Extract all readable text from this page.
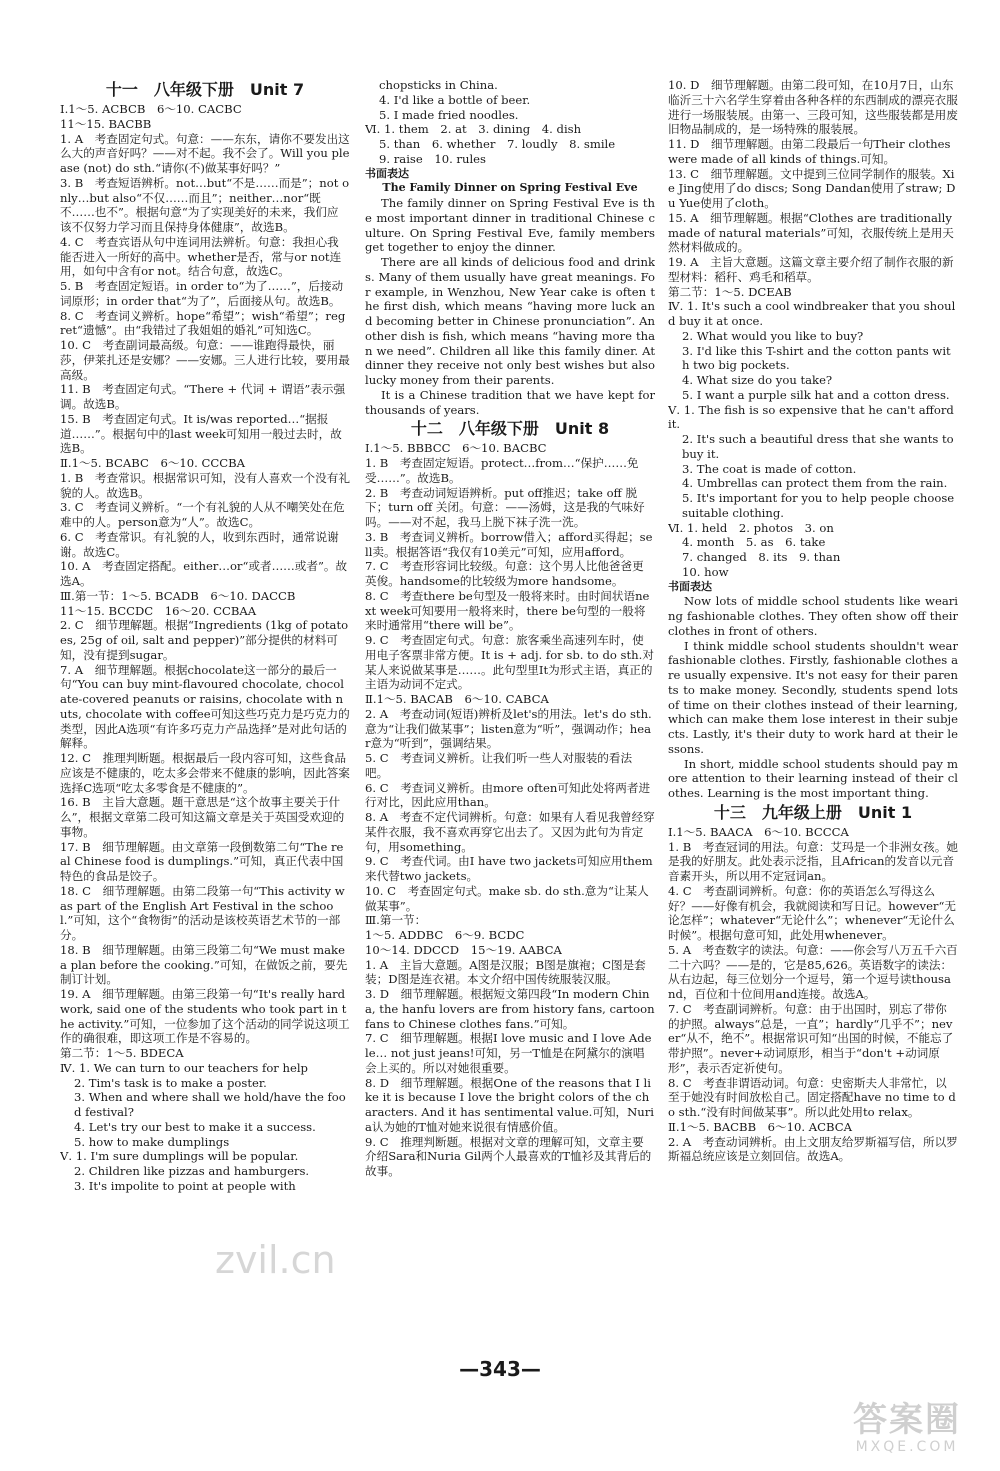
十一　八年级下册　Unit 7

Ⅰ.1～5. ACBCB　6～10. CACBC

11～15. BACBB

1. A　考查固定句式。句意：——东东，请你不要发出这么大的声音好吗？——对不起。我不会了。Will you please (not) do sth.“请你(不)做某事好吗？”

3. B　考查短语辨析。not…but“不是……而是”；not only…but also“不仅……而且”；neither…nor“既不……也不”。根据句意“为了实现美好的未来，我们应该不仅努力学习而且保持身体健康”，故选B。

4. C　考查宾语从句中连词用法辨析。句意：我担心我能否进入一所好的高中。whether是否，常与or not连用，如句中含有or not。结合句意，故选C。

5. B　考查固定短语。in order to“为了……”，后接动词原形；in order that“为了”，后面接从句。故选B。

8. C　考查词义辨析。hope“希望”；wish“希望”；regret“遗憾”。由“我错过了我姐姐的婚礼”可知选C。

10. C　考查副词最高级。句意：——谁跑得最快，丽莎，伊莱扎还是安娜？——安娜。三人进行比较，要用最高级。

11. B　考查固定句式。“There + 代词 + 谓语”表示强调。故选B。

15. B　考查固定句式。It is/was reported…“据报道……”。根据句中的last week可知用一般过去时，故选B。

Ⅱ.1～5. BCABC　6～10. CCCBA

1. B　考查常识。根据常识可知，没有人喜欢一个没有礼貌的人。故选B。

3. C　考查词义辨析。“一个有礼貌的人从不嘲笑处在危难中的人。person意为“人”。故选C。

6. C　考查常识。有礼貌的人，收到东西时，通常说谢谢。故选C。

10. A　考查固定搭配。either…or“或者……或者”。故选A。

Ⅲ.第一节：1～5. BCADB　6～10. DACCB

11～15. BCCDC　16～20. CCBAA

2. C　细节理解题。根据“Ingredients (1kg of potatoes, 25g of oil, salt and pepper)”部分提供的材料可知，没有提到sugar。

7. A　细节理解题。根据chocolate这一部分的最后一句“You can buy mint-flavoured chocolate, chocolate-covered peanuts or raisins, chocolate with nuts, chocolate with coffee可知这些巧克力是巧克力的类型，因此A选项“有许多巧克力产品选择”是对此句话的解释。

12. C　推理判断题。根据最后一段内容可知，这些食品应该是不健康的，吃太多会带来不健康的影响，因此答案选择C选项“吃太多零食是不健康的”。

16. B　主旨大意题。题干意思是“这个故事主要关于什么”，根据文章第二段可知这篇文章是关于英国受欢迎的事物。

17. B　细节理解题。由文章第一段倒数第二句“The real Chinese food is dumplings.”可知，真正代表中国特色的食品是饺子。

18. C　细节理解题。由第二段第一句“This activity was part of the English Art Festival in the school.”可知，这个“食物街”的活动是该校英语艺术节的一部分。

18. B　细节理解题。由第三段第二句“We must make a plan before the cooking.”可知，在做饭之前，要先制订计划。

19. A　细节理解题。由第三段第一句“It's really hard work, said one of the students who took part in the activity.”可知，一位参加了这个活动的同学说这项工作的确很难，即这项工作是不容易的。

第二节：1～5. BDECA

Ⅳ. 1. We can turn to our teachers for help

2. Tim's task is to make a poster.

3. When and where shall we hold/have the food festival?

4. Let's try our best to make it a success.

5. how to make dumplings

Ⅴ. 1. I'm sure dumplings will be popular.

2. Children like pizzas and hamburgers.

3. It's impolite to point at people with

chopsticks in China.

4. I'd like a bottle of beer.

5. I made fried noodles.

Ⅵ. 1. them　2. at　3. dining　4. dish

5. than　6. whether　7. loudly　8. smile

9. raise　10. rules

书面表达

The Family Dinner on Spring Festival Eve

The family dinner on Spring Festival Eve is the most important dinner in traditional Chinese culture. On Spring Festival Eve, family members get together to enjoy the dinner.

There are all kinds of delicious food and drinks. Many of them usually have great meanings. For example, in Wenzhou, New Year cake is often the first dish, which means “having more luck and becoming better in Chinese pronunciation”. Another dish is fish, which means “having more than we need”. Children all like this family diner. At dinner they receive not only best wishes but also lucky money from their parents.

It is a Chinese tradition that we have kept for thousands of years.

十二　八年级下册　Unit 8

Ⅰ.1～5. BBBCC　6～10. BACBC

1. B　考查固定短语。protect…from…“保护……免受……”。故选B。

2. B　考查动词短语辨析。put off推迟；take off 脱下；turn off 关闭。句意：——汤姆，这是我的气味好吗。——对不起，我马上脱下袜子洗一洗。

3. B　考查词义辨析。borrow借入；afford买得起；sell卖。根据答语“我仅有10美元”可知，应用afford。

7. C　考查形容词比较级。句意：这个男人比他爸爸更英俊。handsome的比较级为more handsome。

8. C　考查there be句型及一般将来时。由时间状语next week可知要用一般将来时，there be句型的一般将来时通常用“there will be”。

9. C　考查固定句式。句意：旅客乘坐高速列车时，使用电子客票非常方便。It is + adj. for sb. to do sth.对某人来说做某事是……。此句型里It为形式主语，真正的主语为动词不定式。

Ⅱ.1～5. BACAB　6～10. CABCA

2. A　考查动词(短语)辨析及let's的用法。let's do sth.意为“让我们做某事”；listen意为“听”，强调动作；hear意为“听到”，强调结果。

5. C　考查词义辨析。让我们听一些人对服装的看法吧。

6. C　考查词义辨析。由more often可知此处将两者进行对比，因此应用than。

8. A　考查不定代词辨析。句意：如果有人看见我曾经穿某件衣服，我不喜欢再穿它出去了。又因为此句为肯定句，用something。

9. C　考查代词。由I have two jackets可知应用them来代替two jackets。

10. C　考查固定句式。make sb. do sth.意为“让某人做某事”。

Ⅲ.第一节：

1～5. ADDBC　6～9. BCDC

10～14. DDCCD　15～19. AABCA

1. A　主旨大意题。A图是汉服；B图是旗袍；C图是套装；D图是连衣裙。本文介绍中国传统服装汉服。

3. D　细节理解题。根据短文第四段“In modern China, the hanfu lovers are from history fans, cartoon fans to Chinese clothes fans.”可知。

7. C　细节理解题。根据I love music and I love Adele… not just jeans!可知，另一T恤是在阿黛尔的演唱会上买的。所以对她很重要。

8. D　细节理解题。根据One of the reasons that I like it is because I love the bright colors of the characters. And it has sentimental value.可知，Nuria认为她的T恤对她来说很有情感价值。

9. C　推理判断题。根据对文章的理解可知，文章主要介绍Sara和Nuria Gil两个人最喜欢的T恤衫及其背后的故事。

10. D　细节理解题。由第二段可知，在10月7日，山东临沂三十六名学生穿着由各种各样的东西制成的漂亮衣服进行一场服装展。由第一、三段可知，这些服装都是用废旧物品制成的，是一场特殊的服装展。

11. D　细节理解题。由第二段最后一句Their clothes were made of all kinds of things.可知。

13. C　细节理解题。文中提到三位同学制作的服装。Xie Jing使用了do discs; Song Dandan使用了straw; Du Yue使用了cloth。

15. A　细节理解题。根据“Clothes are traditionally made of natural materials”可知，衣服传统上是用天然材料做成的。

19. A　主旨大意题。这篇文章主要介绍了制作衣服的新型材料：稻秆、鸡毛和稻草。

第二节：1～5. DCEAB

Ⅳ. 1. It's such a cool windbreaker that you should buy it at once.

2. What would you like to buy?

3. I'd like this T-shirt and the cotton pants with two big pockets.

4. What size do you take?

5. I want a purple silk hat and a cotton dress.

Ⅴ. 1. The fish is so expensive that he can't afford it.

2. It's such a beautiful dress that she wants to buy it.

3. The coat is made of cotton.

4. Umbrellas can protect them from the rain.

5. It's important for you to help people choose suitable clothing.

Ⅵ. 1. held　2. photos　3. on

4. month　5. as　6. take

7. changed　8. its　9. than

10. how

书面表达

Now lots of middle school students like wearing fashionable clothes. They often show off their clothes in front of others.

I think middle school students shouldn't wear fashionable clothes. Firstly, fashionable clothes are usually expensive. It's not easy for their parents to make money. Secondly, students spend lots of time on their clothes instead of their learning, which can make them lose interest in their subjects. Lastly, it's their duty to work hard at their lessons.

In short, middle school students should pay more attention to their learning instead of their clothes. Learning is the most important thing.

十三　九年级上册　Unit 1

Ⅰ.1～5. BAACA　6～10. BCCCA

1. B　考查冠词的用法。句意：艾玛是一个非洲女孩。她是我的好朋友。此处表示泛指，且African的发音以元音音素开头，所以用不定冠词an。

4. C　考查副词辨析。句意：你的英语怎么写得这么好？——好像有机会，我就阅读和写日记。however“无论怎样”；whatever“无论什么”；whenever“无论什么时候”。根据句意可知，此处用whenever。

5. A　考查数字的读法。句意：——你会写八万五千六百二十六吗？——是的，它是85,626。英语数字的读法：从右边起，每三位划分一个逗号，第一个逗号读thousand，百位和十位间用and连接。故选A。

7. C　考查副词辨析。句意：由于出国时，别忘了带你的护照。always“总是，一直”；hardly“几乎不”；never“从不，绝不”。根据常识可知“出国的时候，不能忘了带护照”。never+动词原形，相当于“don't +动词原形”，表示否定祈使句。

8. C　考查非谓语动词。句意：史密斯夫人非常忙，以至于她没有时间放松自己。固定搭配have no time to do sth.“没有时间做某事”。所以此处用to relax。

Ⅱ.1～5. BACBB　6～10. ACBCA

2. A　考查动词辨析。由上文朋友给罗斯福写信，所以罗斯福总统应该是立刻回信。故选A。

—343—
zvil.cn
答案圈
MXQE.COM
